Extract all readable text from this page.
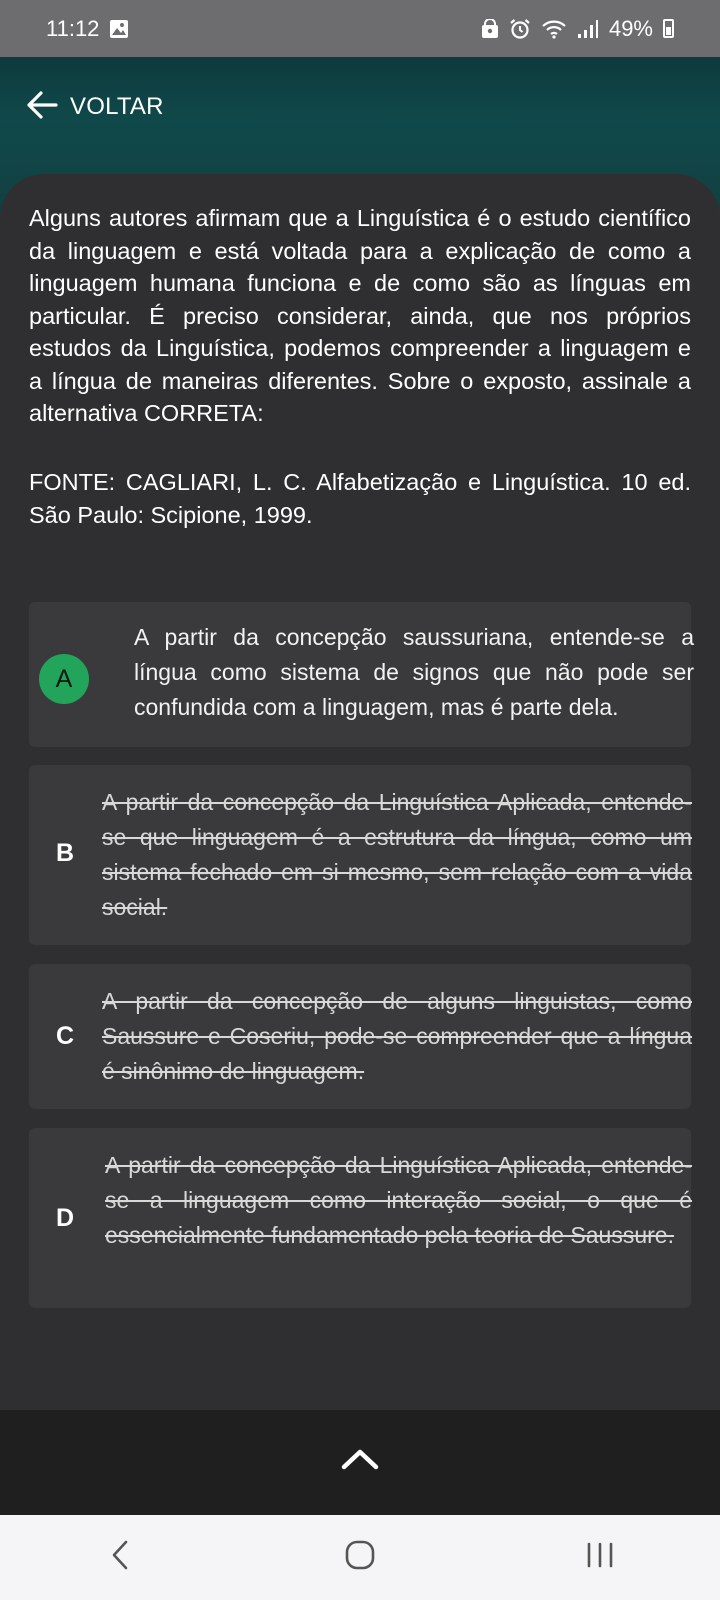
11:12	49%
VOLTAR
Alguns autores afirmam que a Linguística é o estudo científico da linguagem e está voltada para a explicação de como a linguagem humana funciona e de como são as línguas em particular. É preciso considerar, ainda, que nos próprios estudos da Linguística, podemos compreender a linguagem e a língua de maneiras diferentes. Sobre o exposto, assinale a alternativa CORRETA:
FONTE: CAGLIARI, L. C. Alfabetização e Linguística. 10 ed. São Paulo: Scipione, 1999.
A
A partir da concepção saussuriana, entende-se a língua como sistema de signos que não pode ser confundida com a linguagem, mas é parte dela.
B
A partir da concepção da Linguística Aplicada, entende-se que linguagem é a estrutura da língua, como um sistema fechado em si mesmo, sem relação com a vida social.
C
A partir da concepção de alguns linguistas, como Saussure e Coseriu, pode-se compreender que a língua é sinônimo de linguagem.
D
A partir da concepção da Linguística Aplicada, entende-se a linguagem como interação social, o que é essencialmente fundamentado pela teoria de Saussure.
